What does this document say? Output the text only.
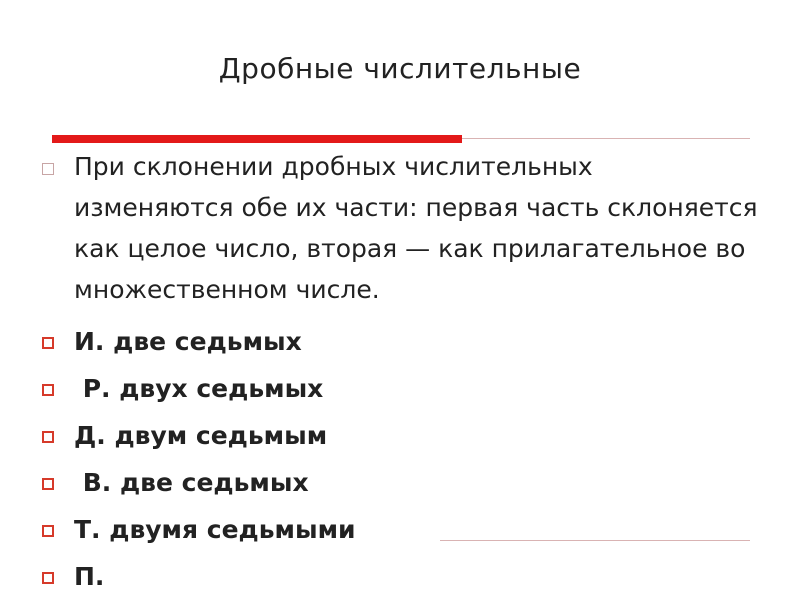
Дробные числительные

При склонении дробных числительных изменяются обе их части: первая часть склоняется как целое число, вторая — как прилагательное во множественном числе.

И. две седьмых
Р. двух седьмых
Д. двум седьмым
В. две седьмых
Т. двумя седьмыми
П.
